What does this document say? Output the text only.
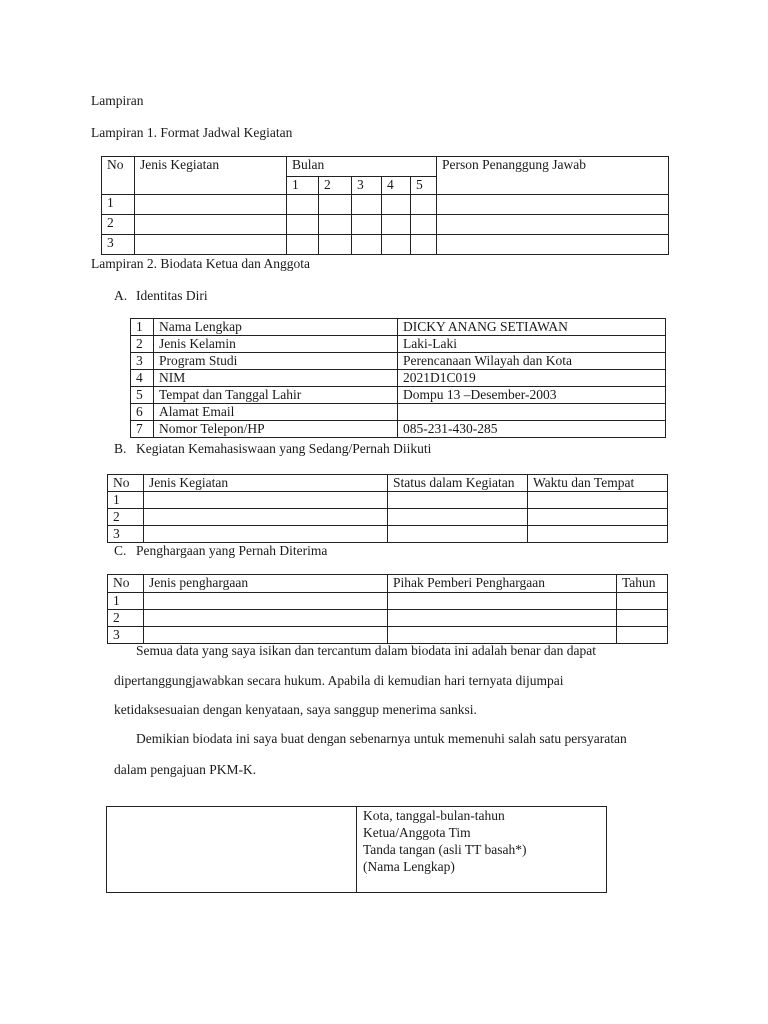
Lampiran
Lampiran 1. Format Jadwal Kegiatan
No	Jenis Kegiatan	Bulan					Person Penanggung Jawab
		1	2	3	4	5	
1							
2							
3							
Lampiran 2. Biodata Ketua dan Anggota
A. Identitas Diri
1	Nama Lengkap	DICKY ANANG SETIAWAN
2	Jenis Kelamin	Laki-Laki
3	Program Studi	Perencanaan Wilayah dan Kota
4	NIM	2021D1C019
5	Tempat dan Tanggal Lahir	Dompu 13 –Desember-2003
6	Alamat Email	
7	Nomor Telepon/HP	085-231-430-285
B. Kegiatan Kemahasiswaan yang Sedang/Pernah Diikuti
No	Jenis Kegiatan	Status dalam Kegiatan	Waktu dan Tempat
1			
2			
3			
C. Penghargaan yang Pernah Diterima
No	Jenis penghargaan	Pihak Pemberi Penghargaan	Tahun
1			
2			
3			
Semua data yang saya isikan dan tercantum dalam biodata ini adalah benar dan dapat
dipertanggungjawabkan secara hukum. Apabila di kemudian hari ternyata dijumpai
ketidaksesuaian dengan kenyataan, saya sanggup menerima sanksi.
Demikian biodata ini saya buat dengan sebenarnya untuk memenuhi salah satu persyaratan
dalam pengajuan PKM-K.

Kota, tanggal-bulan-tahun
Ketua/Anggota Tim
Tanda tangan (asli TT basah*)
(Nama Lengkap)
